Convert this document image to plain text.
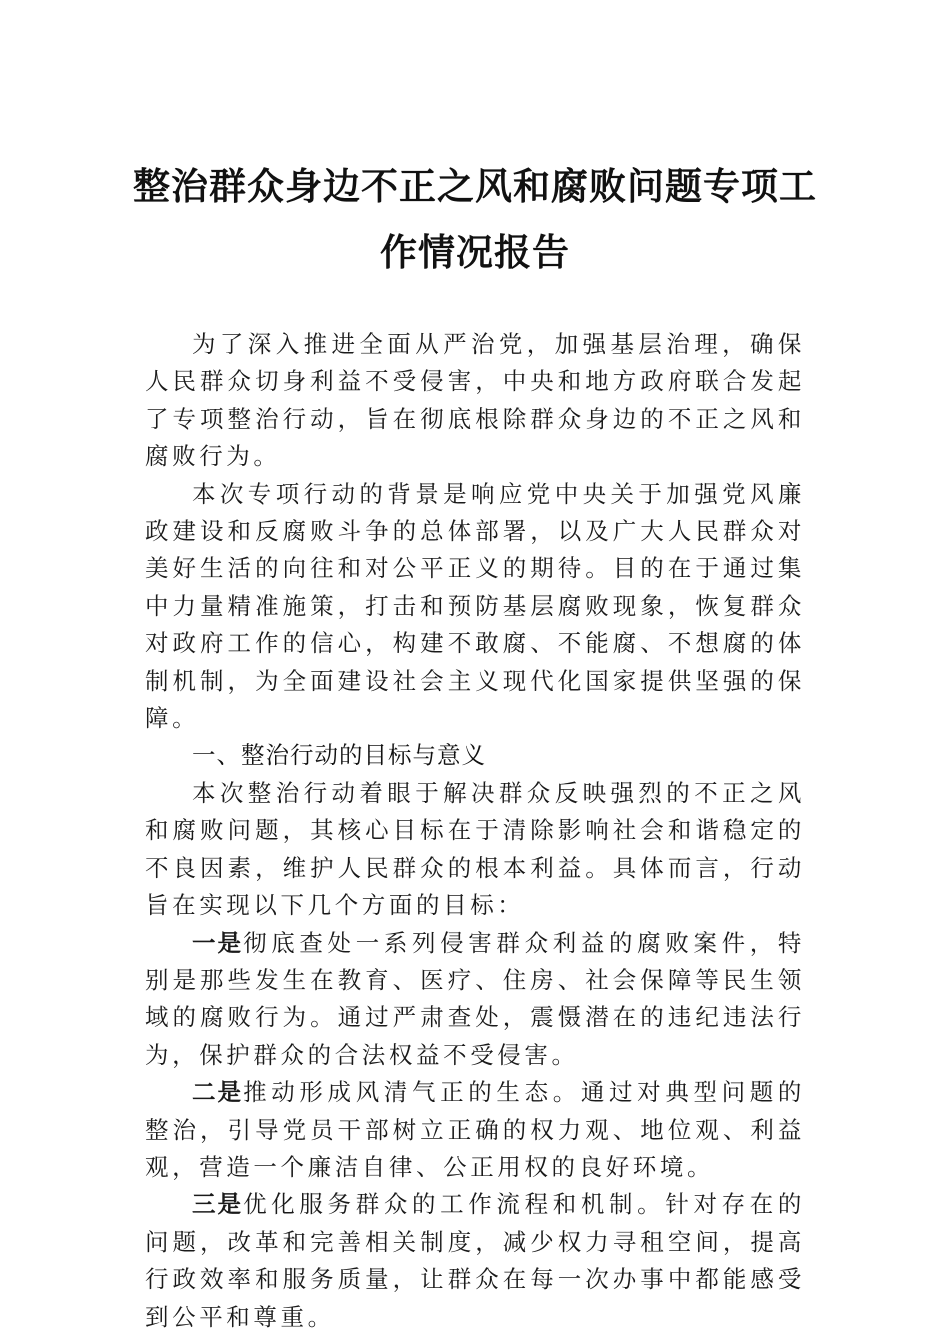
整治群众身边不正之风和腐败问题专项工
作情况报告

为了深入推进全面从严治党，加强基层治理，确保人民群众切身利益不受侵害，中央和地方政府联合发起了专项整治行动，旨在彻底根除群众身边的不正之风和腐败行为。

本次专项行动的背景是响应党中央关于加强党风廉政建设和反腐败斗争的总体部署，以及广大人民群众对美好生活的向往和对公平正义的期待。目的在于通过集中力量精准施策，打击和预防基层腐败现象，恢复群众对政府工作的信心，构建不敢腐、不能腐、不想腐的体制机制，为全面建设社会主义现代化国家提供坚强的保障。

一、整治行动的目标与意义

本次整治行动着眼于解决群众反映强烈的不正之风和腐败问题，其核心目标在于清除影响社会和谐稳定的不良因素，维护人民群众的根本利益。具体而言，行动旨在实现以下几个方面的目标：

一是彻底查处一系列侵害群众利益的腐败案件，特别是那些发生在教育、医疗、住房、社会保障等民生领域的腐败行为。通过严肃查处，震慑潜在的违纪违法行为，保护群众的合法权益不受侵害。

二是推动形成风清气正的生态。通过对典型问题的整治，引导党员干部树立正确的权力观、地位观、利益观，营造一个廉洁自律、公正用权的良好环境。

三是优化服务群众的工作流程和机制。针对存在的问题，改革和完善相关制度，减少权力寻租空间，提高行政效率和服务质量，让群众在每一次办事中都能感受到公平和尊重。
